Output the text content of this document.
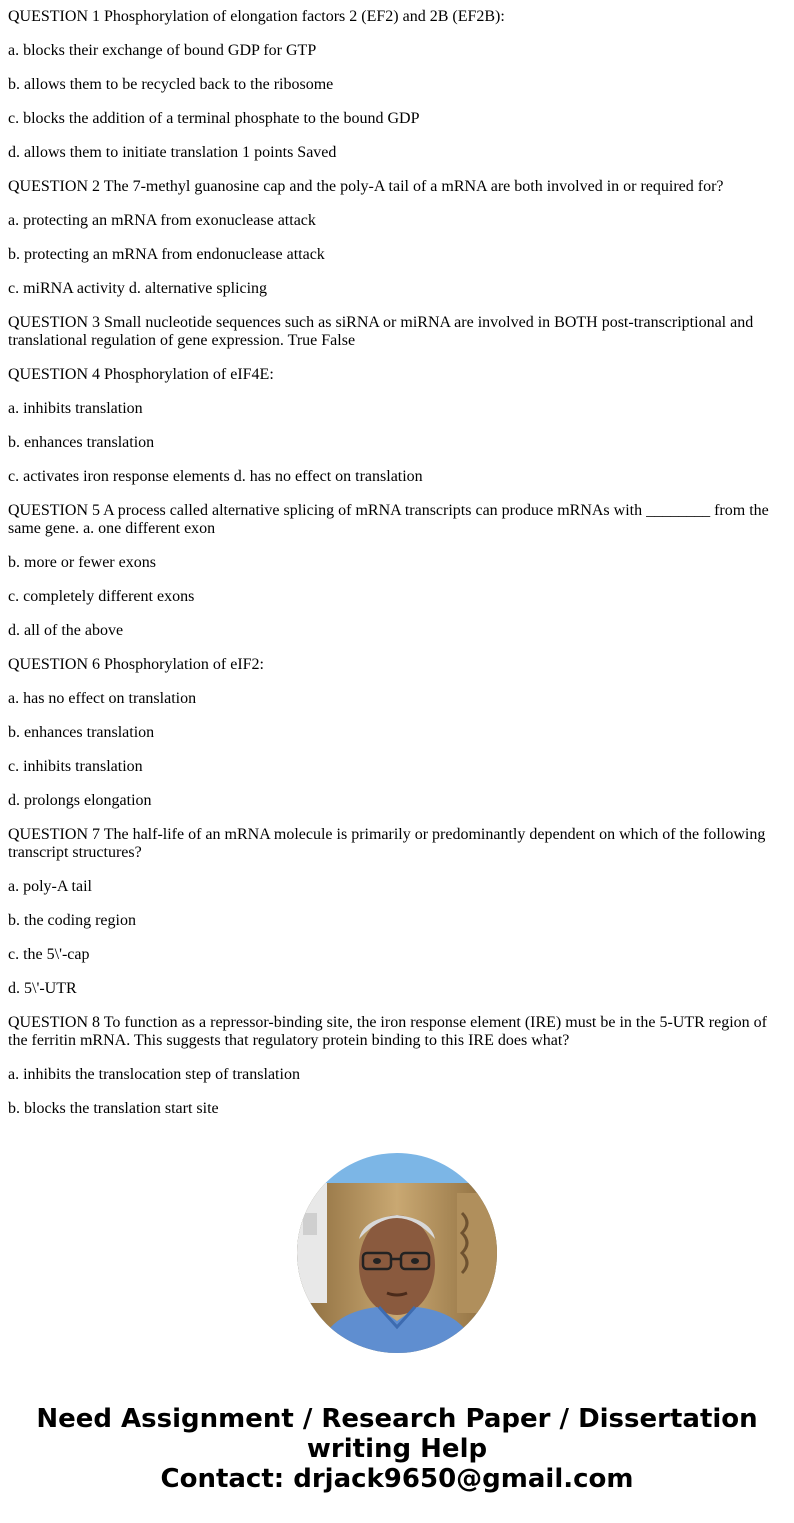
QUESTION 1 Phosphorylation of elongation factors 2 (EF2) and 2B (EF2B):

a. blocks their exchange of bound GDP for GTP

b. allows them to be recycled back to the ribosome

c. blocks the addition of a terminal phosphate to the bound GDP

d. allows them to initiate translation 1 points Saved

QUESTION 2 The 7-methyl guanosine cap and the poly-A tail of a mRNA are both involved in or required for?

a. protecting an mRNA from exonuclease attack

b. protecting an mRNA from endonuclease attack

c. miRNA activity d. alternative splicing

QUESTION 3 Small nucleotide sequences such as siRNA or miRNA are involved in BOTH post-transcriptional and translational regulation of gene expression. True False

QUESTION 4 Phosphorylation of eIF4E:

a. inhibits translation

b. enhances translation

c. activates iron response elements d. has no effect on translation

QUESTION 5 A process called alternative splicing of mRNA transcripts can produce mRNAs with ________ from the same gene. a. one different exon

b. more or fewer exons

c. completely different exons

d. all of the above

QUESTION 6 Phosphorylation of eIF2:

a. has no effect on translation

b. enhances translation

c. inhibits translation

d. prolongs elongation

QUESTION 7 The half-life of an mRNA molecule is primarily or predominantly dependent on which of the following transcript structures?

a. poly-A tail

b. the coding region

c. the 5\'-cap

d. 5\'-UTR

QUESTION 8 To function as a repressor-binding site, the iron response element (IRE) must be in the 5-UTR region of the ferritin mRNA. This suggests that regulatory protein binding to this IRE does what?

a. inhibits the translocation step of translation

b. blocks the translation start site

Need Assignment / Research Paper / Dissertation
writing Help
Contact: drjack9650@gmail.com
